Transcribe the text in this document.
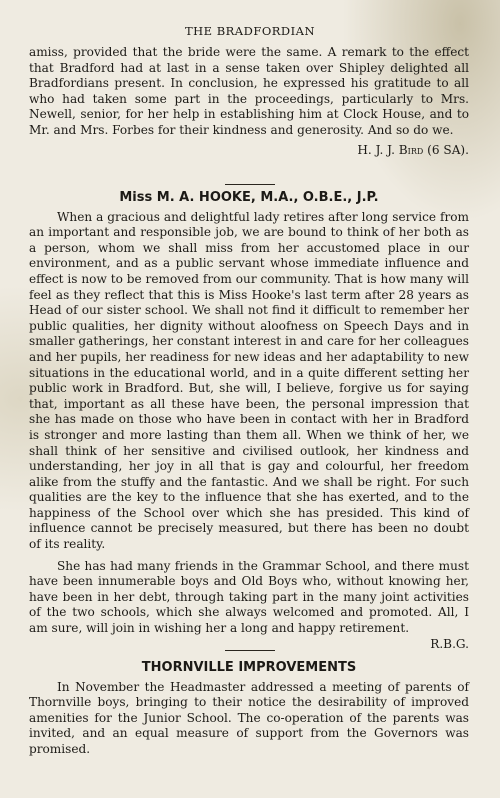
THE BRADFORDIAN

amiss, provided that the bride were the same. A remark to the effect that Bradford had at last in a sense taken over Shipley delighted all Bradfordians present. In conclusion, he expressed his gratitude to all who had taken some part in the proceedings, particularly to Mrs. Newell, senior, for her help in establishing him at Clock House, and to Mr. and Mrs. Forbes for their kindness and generosity. And so do we.

H. J. J. Bird (6 SA).

Miss M. A. HOOKE, M.A., O.B.E., J.P.

When a gracious and delightful lady retires after long service from an important and responsible job, we are bound to think of her both as a person, whom we shall miss from her accustomed place in our environment, and as a public servant whose immediate influence and effect is now to be removed from our community. That is how many will feel as they reflect that this is Miss Hooke's last term after 28 years as Head of our sister school. We shall not find it difficult to remember her public qualities, her dignity without aloofness on Speech Days and in smaller gatherings, her constant interest in and care for her colleagues and her pupils, her readiness for new ideas and her adaptability to new situations in the educational world, and in a quite different setting her public work in Bradford. But, she will, I believe, forgive us for saying that, important as all these have been, the personal impression that she has made on those who have been in contact with her in Bradford is stronger and more lasting than them all. When we think of her, we shall think of her sensitive and civilised outlook, her kindness and understanding, her joy in all that is gay and colourful, her freedom alike from the stuffy and the fantastic. And we shall be right. For such qualities are the key to the influence that she has exerted, and to the happiness of the School over which she has presided. This kind of influence cannot be precisely measured, but there has been no doubt of its reality.

She has had many friends in the Grammar School, and there must have been innumerable boys and Old Boys who, without knowing her, have been in her debt, through taking part in the many joint activities of the two schools, which she always welcomed and promoted. All, I am sure, will join in wishing her a long and happy retirement.

R.B.G.

THORNVILLE IMPROVEMENTS

In November the Headmaster addressed a meeting of parents of Thornville boys, bringing to their notice the desirability of improved amenities for the Junior School. The co-operation of the parents was invited, and an equal measure of support from the Governors was promised.
